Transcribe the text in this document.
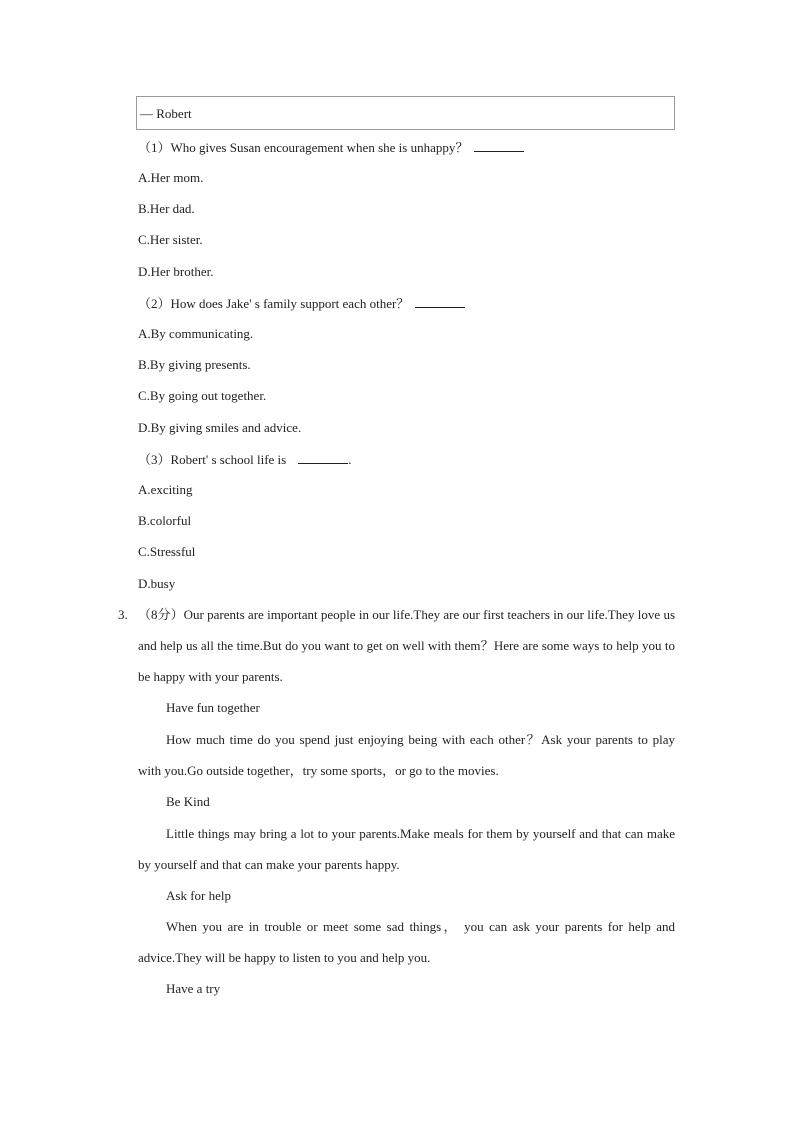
— Robert
（1）Who gives Susan encouragement when she is unhappy？
A.Her mom.
B.Her dad.
C.Her sister.
D.Her brother.
（2）How does Jake' s family support each other？
A.By communicating.
B.By giving presents.
C.By going out together.
D.By giving smiles and advice.
（3）Robert' s school life is	.
A.exciting
B.colorful
C.Stressful
D.busy
3. （8分）Our parents are important people in our life.They are our first teachers in our life.They love us and help us all the time.But do you want to get on well with them？Here are some ways to help you to be happy with your parents.
Have fun together
How much time do you spend just enjoying being with each other？Ask your parents to play with you.Go outside together，try some sports，or go to the movies.
Be Kind
Little things may bring a lot to your parents.Make meals for them by yourself and that can make by yourself and that can make your parents happy.
Ask for help
When you are in trouble or meet some sad things， you can ask your parents for help and advice.They will be happy to listen to you and help you.
Have a try
